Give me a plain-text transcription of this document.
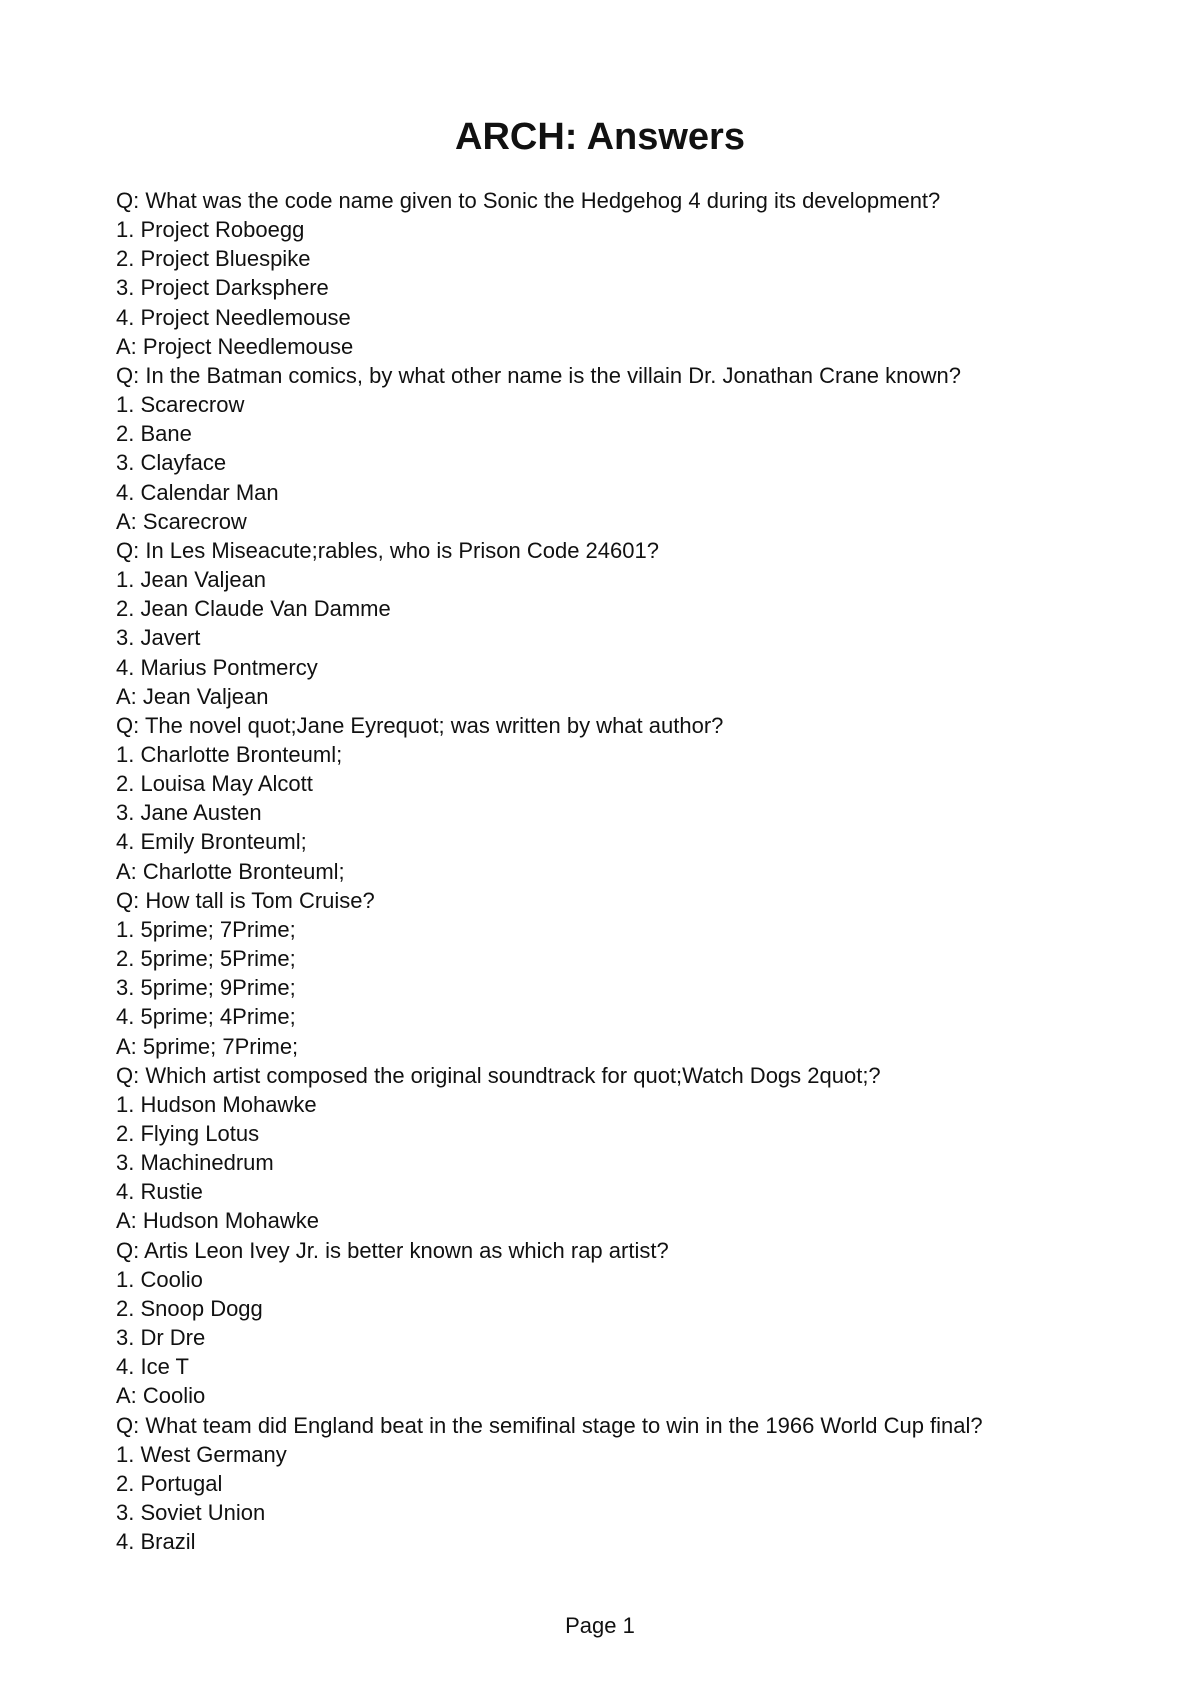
ARCH: Answers

Q: What was the code name given to Sonic the Hedgehog 4 during its development?

1. Project Roboegg

2. Project Bluespike

3. Project Darksphere

4. Project Needlemouse

A: Project Needlemouse

Q: In the Batman comics, by what other name is the villain Dr. Jonathan Crane known?

1. Scarecrow

2. Bane

3. Clayface

4. Calendar Man

A: Scarecrow

Q: In Les Miseacute;rables, who is Prison Code 24601?

1. Jean Valjean

2. Jean Claude Van Damme

3. Javert

4. Marius Pontmercy

A: Jean Valjean

Q: The novel quot;Jane Eyrequot; was written by what author?

1. Charlotte Bronteuml;

2. Louisa May Alcott

3. Jane Austen

4. Emily Bronteuml;

A: Charlotte Bronteuml;

Q: How tall is Tom Cruise?

1. 5prime; 7Prime;

2. 5prime; 5Prime;

3. 5prime; 9Prime;

4. 5prime; 4Prime;

A: 5prime; 7Prime;

Q: Which artist composed the original soundtrack for quot;Watch Dogs 2quot;?

1. Hudson Mohawke

2. Flying Lotus

3. Machinedrum

4. Rustie

A: Hudson Mohawke

Q: Artis Leon Ivey Jr. is better known as which rap artist?

1. Coolio

2. Snoop Dogg

3. Dr Dre

4. Ice T

A: Coolio

Q: What team did England beat in the semifinal stage to win in the 1966 World Cup final?

1. West Germany

2. Portugal

3. Soviet Union

4. Brazil

Page 1
